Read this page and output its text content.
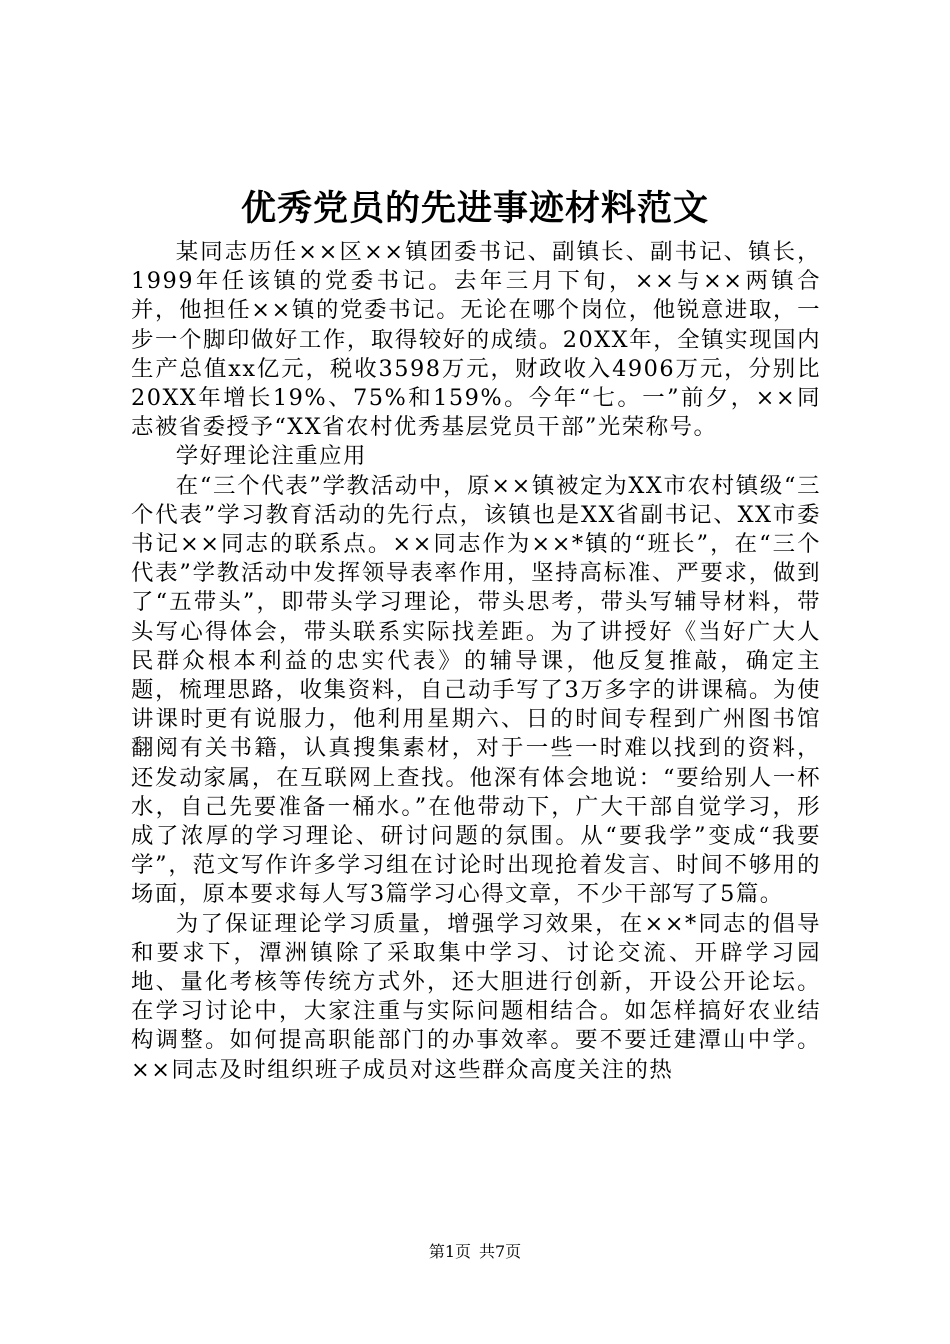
优秀党员的先进事迹材料范文

某同志历任××区××镇团委书记、副镇长、副书记、镇长，1999年任该镇的党委书记。去年三月下旬，××与××两镇合并，他担任××镇的党委书记。无论在哪个岗位，他锐意进取，一步一个脚印做好工作，取得较好的成绩。20XX年，全镇实现国内生产总值xx亿元，税收3598万元，财政收入4906万元，分别比20XX年增长19%、75%和159%。今年“七。一”前夕，××同志被省委授予“XX省农村优秀基层党员干部”光荣称号。

学好理论注重应用

在“三个代表”学教活动中，原××镇被定为XX市农村镇级“三个代表”学习教育活动的先行点，该镇也是XX省副书记、XX市委书记××同志的联系点。××同志作为××*镇的“班长”，在“三个代表”学教活动中发挥领导表率作用，坚持高标准、严要求，做到了“五带头”，即带头学习理论，带头思考，带头写辅导材料，带头写心得体会，带头联系实际找差距。为了讲授好《当好广大人民群众根本利益的忠实代表》的辅导课，他反复推敲，确定主题，梳理思路，收集资料，自己动手写了3万多字的讲课稿。为使讲课时更有说服力，他利用星期六、日的时间专程到广州图书馆翻阅有关书籍，认真搜集素材，对于一些一时难以找到的资料，还发动家属，在互联网上查找。他深有体会地说：“要给别人一杯水，自己先要准备一桶水。”在他带动下，广大干部自觉学习，形成了浓厚的学习理论、研讨问题的氛围。从“要我学”变成“我要学”，范文写作许多学习组在讨论时出现抢着发言、时间不够用的场面，原本要求每人写3篇学习心得文章，不少干部写了5篇。

为了保证理论学习质量，增强学习效果，在××*同志的倡导和要求下，潭洲镇除了采取集中学习、讨论交流、开辟学习园地、量化考核等传统方式外，还大胆进行创新，开设公开论坛。在学习讨论中，大家注重与实际问题相结合。如怎样搞好农业结构调整。如何提高职能部门的办事效率。要不要迁建潭山中学。××同志及时组织班子成员对这些群众高度关注的热

第1页 共7页
